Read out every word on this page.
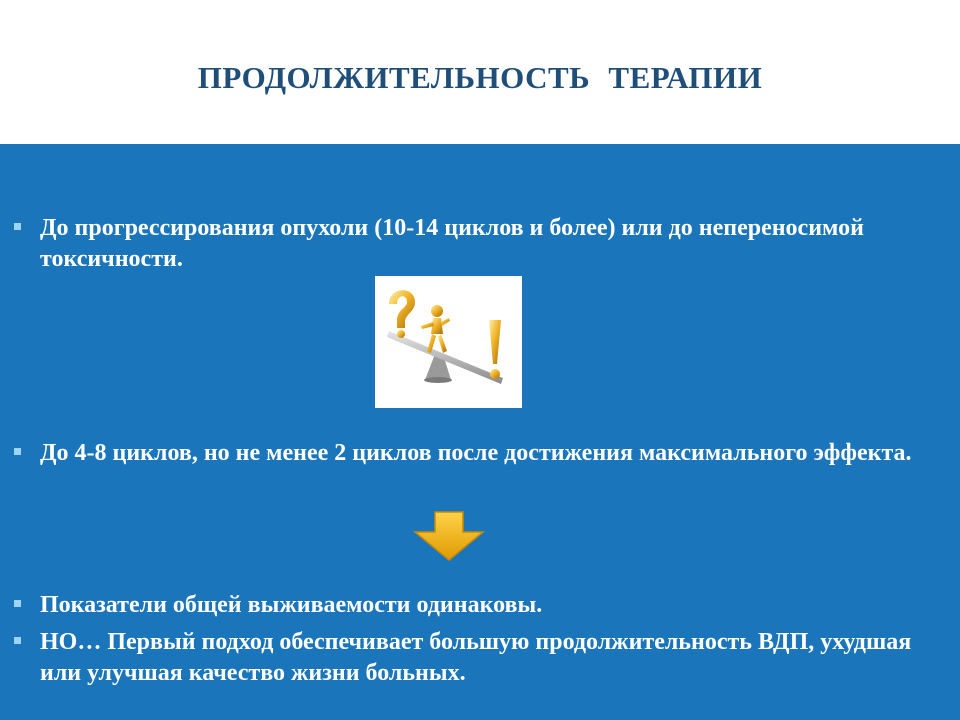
ПРОДОЛЖИТЕЛЬНОСТЬ ТЕРАПИИ
До прогрессирования опухоли (10-14 циклов и более) или до непереносимой токсичности.
До 4-8 циклов, но не менее 2 циклов после достижения максимального эффекта.
Показатели общей выживаемости одинаковы.
НО… Первый подход обеспечивает большую продолжительность ВДП, ухудшая или улучшая качество жизни больных.
